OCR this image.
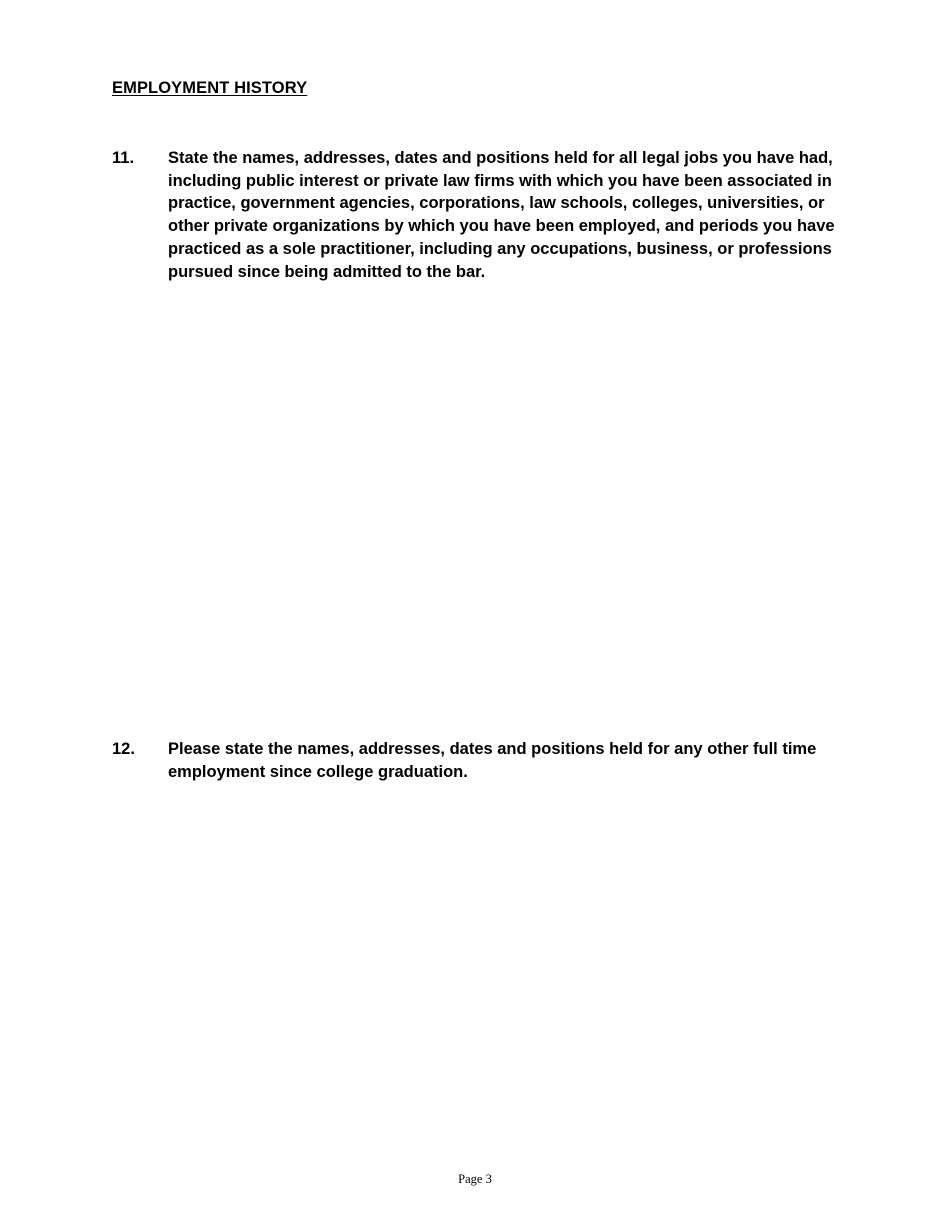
EMPLOYMENT HISTORY
11.	State the names, addresses, dates and positions held for all legal jobs you have had, including public interest or private law firms with which you have been associated in practice, government agencies, corporations, law schools, colleges, universities, or other private organizations by which you have been employed, and periods you have practiced as a sole practitioner, including any occupations, business, or professions pursued since being admitted to the bar.

12.	Please state the names, addresses, dates and positions held for any other full time employment since college graduation.

Page 3
